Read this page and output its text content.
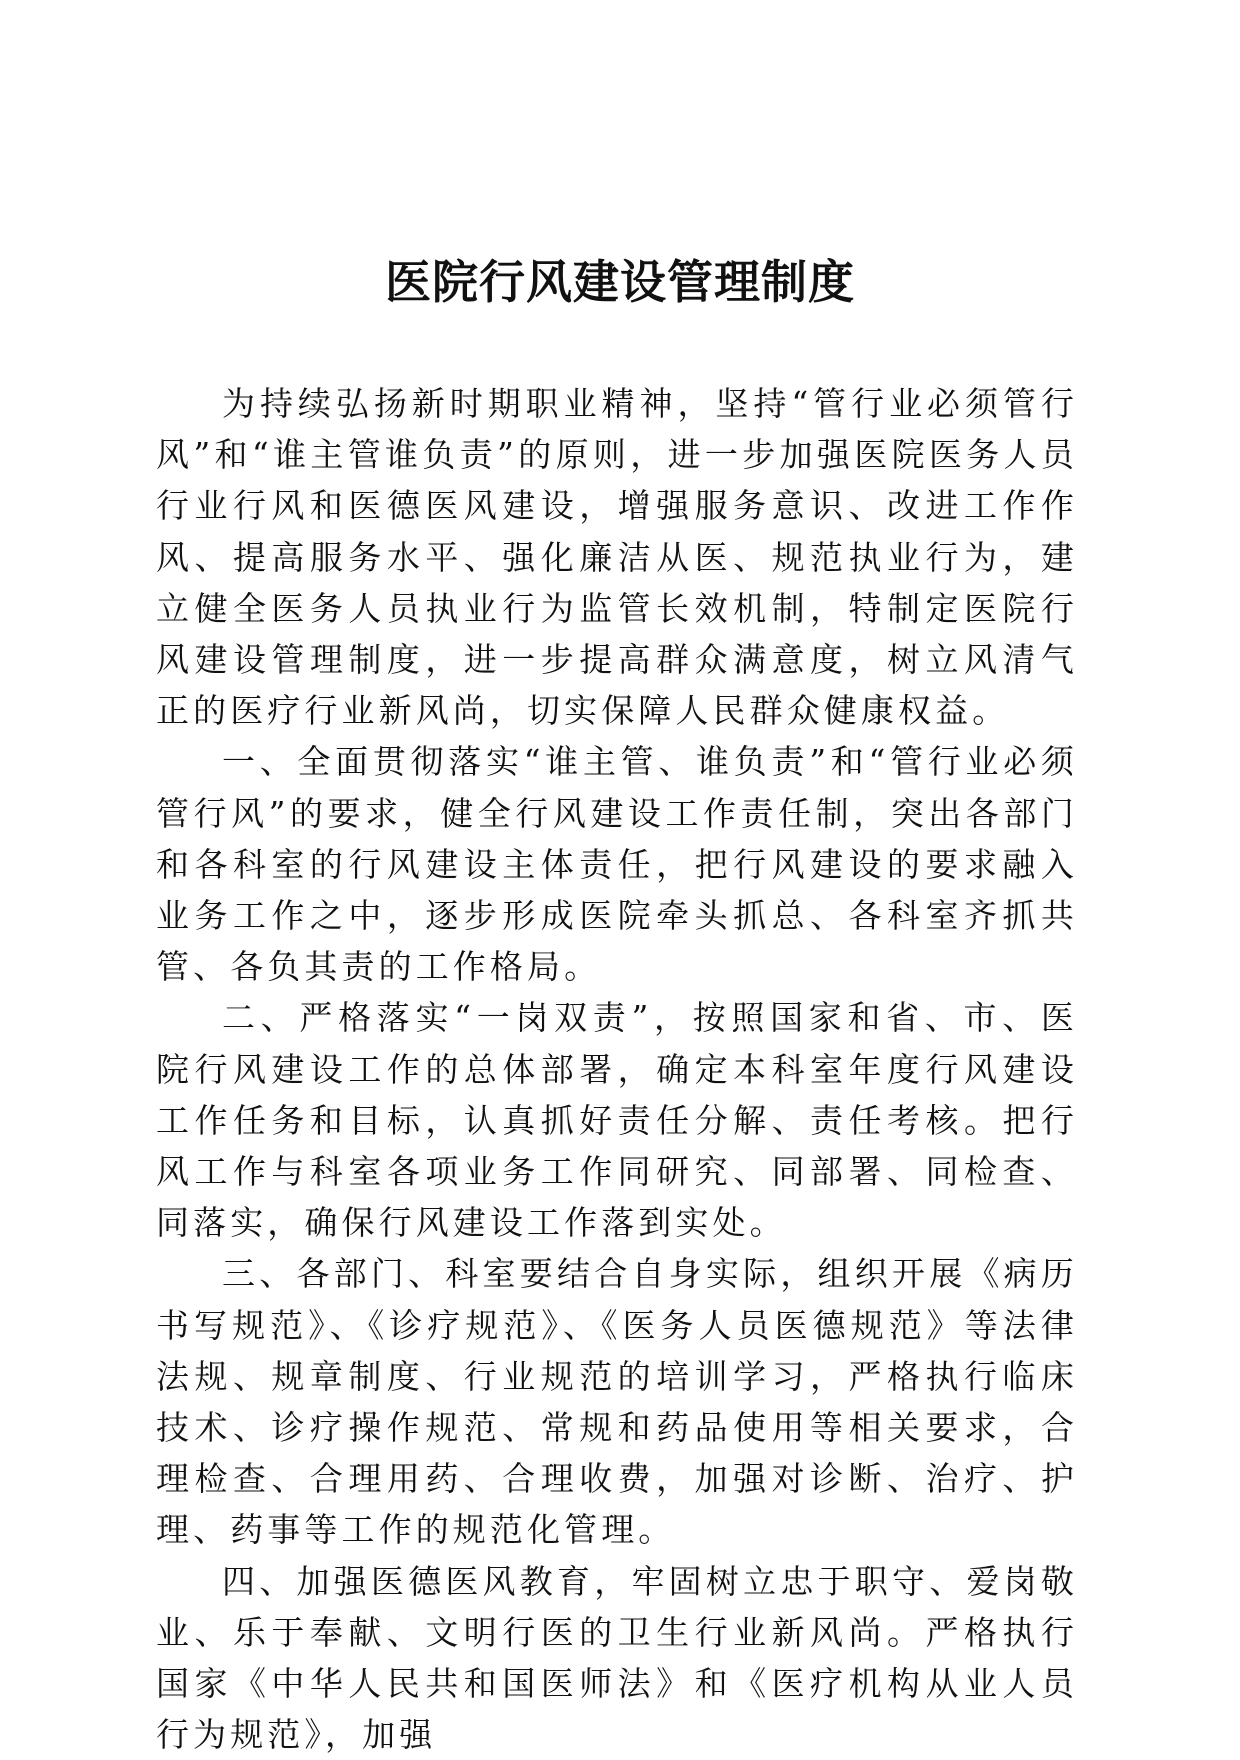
医院行风建设管理制度

为持续弘扬新时期职业精神，坚持“管行业必须管行风”和“谁主管谁负责”的原则，进一步加强医院医务人员行业行风和医德医风建设，增强服务意识、改进工作作风、提高服务水平、强化廉洁从医、规范执业行为，建立健全医务人员执业行为监管长效机制，特制定医院行风建设管理制度，进一步提高群众满意度，树立风清气正的医疗行业新风尚，切实保障人民群众健康权益。

一、全面贯彻落实“谁主管、谁负责”和“管行业必须管行风”的要求，健全行风建设工作责任制，突出各部门和各科室的行风建设主体责任，把行风建设的要求融入业务工作之中，逐步形成医院牵头抓总、各科室齐抓共管、各负其责的工作格局。

二、严格落实“一岗双责”，按照国家和省、市、医院行风建设工作的总体部署，确定本科室年度行风建设工作任务和目标，认真抓好责任分解、责任考核。把行风工作与科室各项业务工作同研究、同部署、同检查、同落实，确保行风建设工作落到实处。

三、各部门、科室要结合自身实际，组织开展《病历书写规范》、《诊疗规范》、《医务人员医德规范》等法律法规、规章制度、行业规范的培训学习，严格执行临床技术、诊疗操作规范、常规和药品使用等相关要求，合理检查、合理用药、合理收费，加强对诊断、治疗、护理、药事等工作的规范化管理。

四、加强医德医风教育，牢固树立忠于职守、爱岗敬业、乐于奉献、文明行医的卫生行业新风尚。严格执行国家《中华人民共和国医师法》和《医疗机构从业人员行为规范》，加强
